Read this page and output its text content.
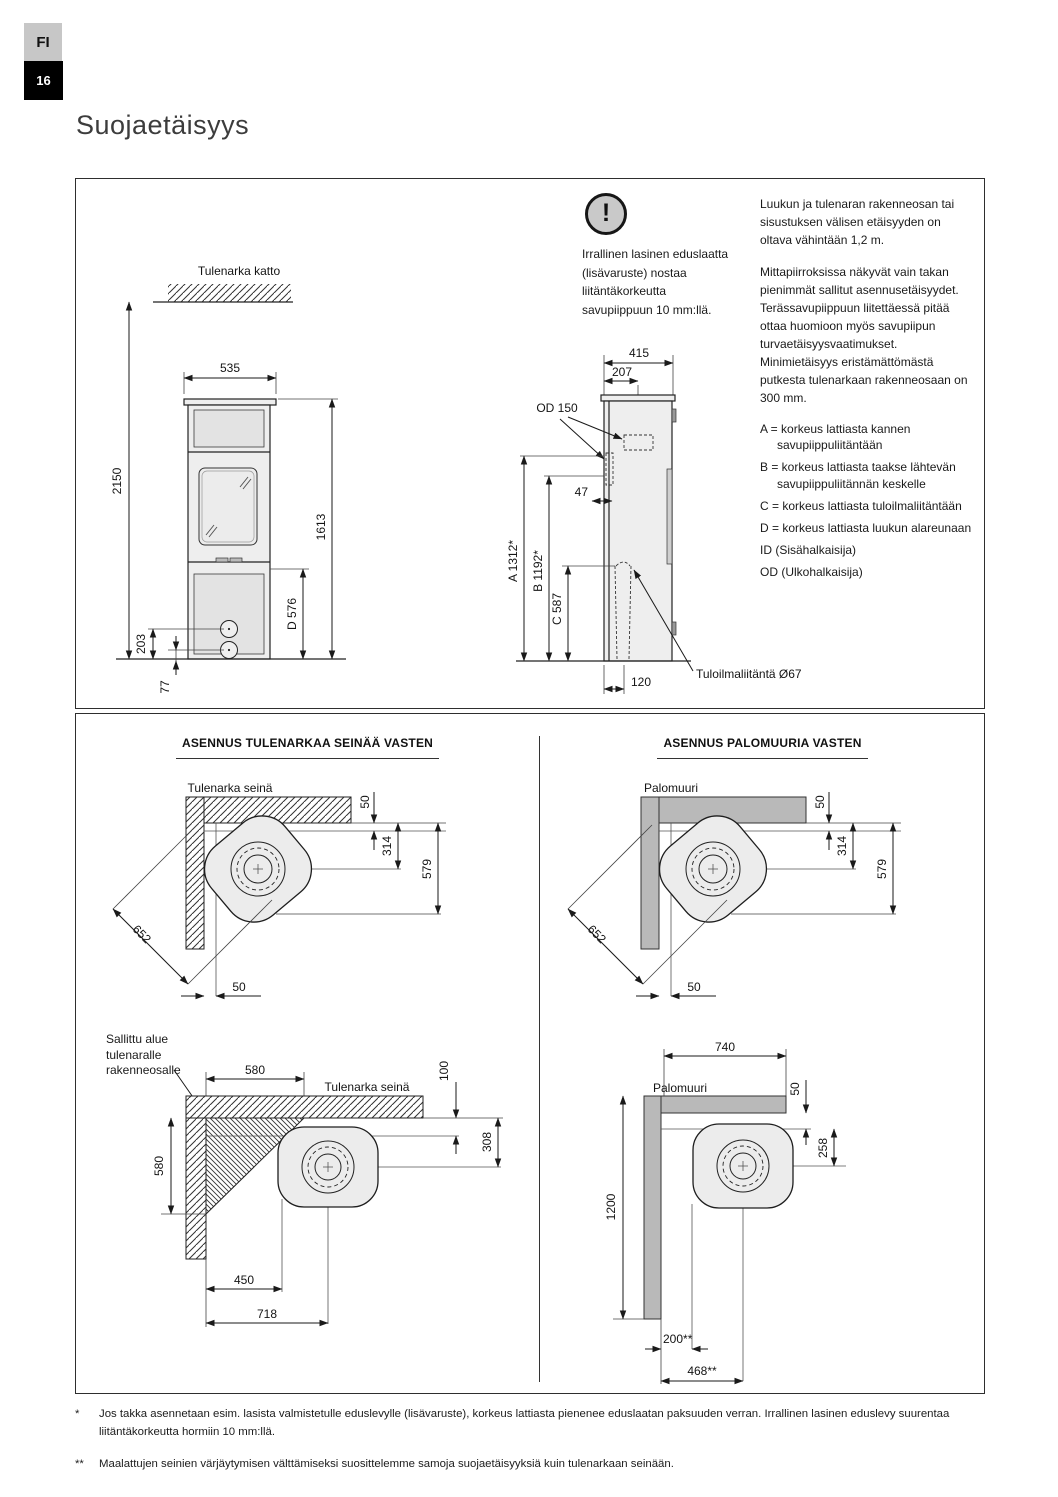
FI
16
Suojaetäisyys
Tulenarka katto
2150
535
1613
D 576
203
77
415
207
OD 150
47
A 1312* B 1192*
C 587
120
Tuloilmaliitäntä Ø67
!
Irrallinen lasinen eduslaatta (lisävaruste) nostaa liitäntäkorkeutta savupiippuun 10 mm:llä.

Luukun ja tulenaran rakenneosan tai sisustuksen välisen etäisyyden on oltava vähintään 1,2 m.

Mittapiirroksissa näkyvät vain takan pienimmät sallitut asennusetäisyydet. Terässavupiippuun liitettäessä pitää ottaa huomioon myös savupiipun turvaetäisyysvaatimukset. Minimietäisyys eristämättömästä putkesta tulenarkaan rakenneosaan on 300 mm.

A = korkeus lattiasta kannen savupiippuliitäntään
B = korkeus lattiasta taakse lähtevän savupiippuliitännän keskelle
C = korkeus lattiasta tuloilmaliitäntään
D = korkeus lattiasta luukun alareunaan
ID (Sisähalkaisija)
OD (Ulkohalkaisija)
ASENNUS TULENARKAA SEINÄÄ VASTEN	ASENNUS PALOMUURIA VASTEN
Tulenarka seinä
50
314
579
652
50
Palomuuri
50
314
579
652
50
Sallittu alue tulenaralle rakenneosalle	580
Tulenarka seinä
100
308
580
450
718
740
Palomuuri	50
258
1200
200**
468**
*	Jos takka asennetaan esim. lasista valmistetulle eduslevylle (lisävaruste), korkeus lattiasta pienenee eduslaatan paksuuden verran. Irrallinen lasinen eduslevy suurentaa liitäntäkorkeutta hormiin 10 mm:llä.
**	Maalattujen seinien värjäytymisen välttämiseksi suosittelemme samoja suojaetäisyyksiä kuin tulenarkaan seinään.
